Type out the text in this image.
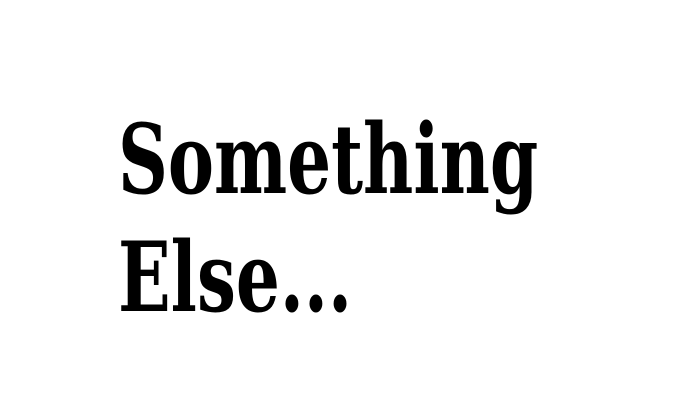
Something
Else...
